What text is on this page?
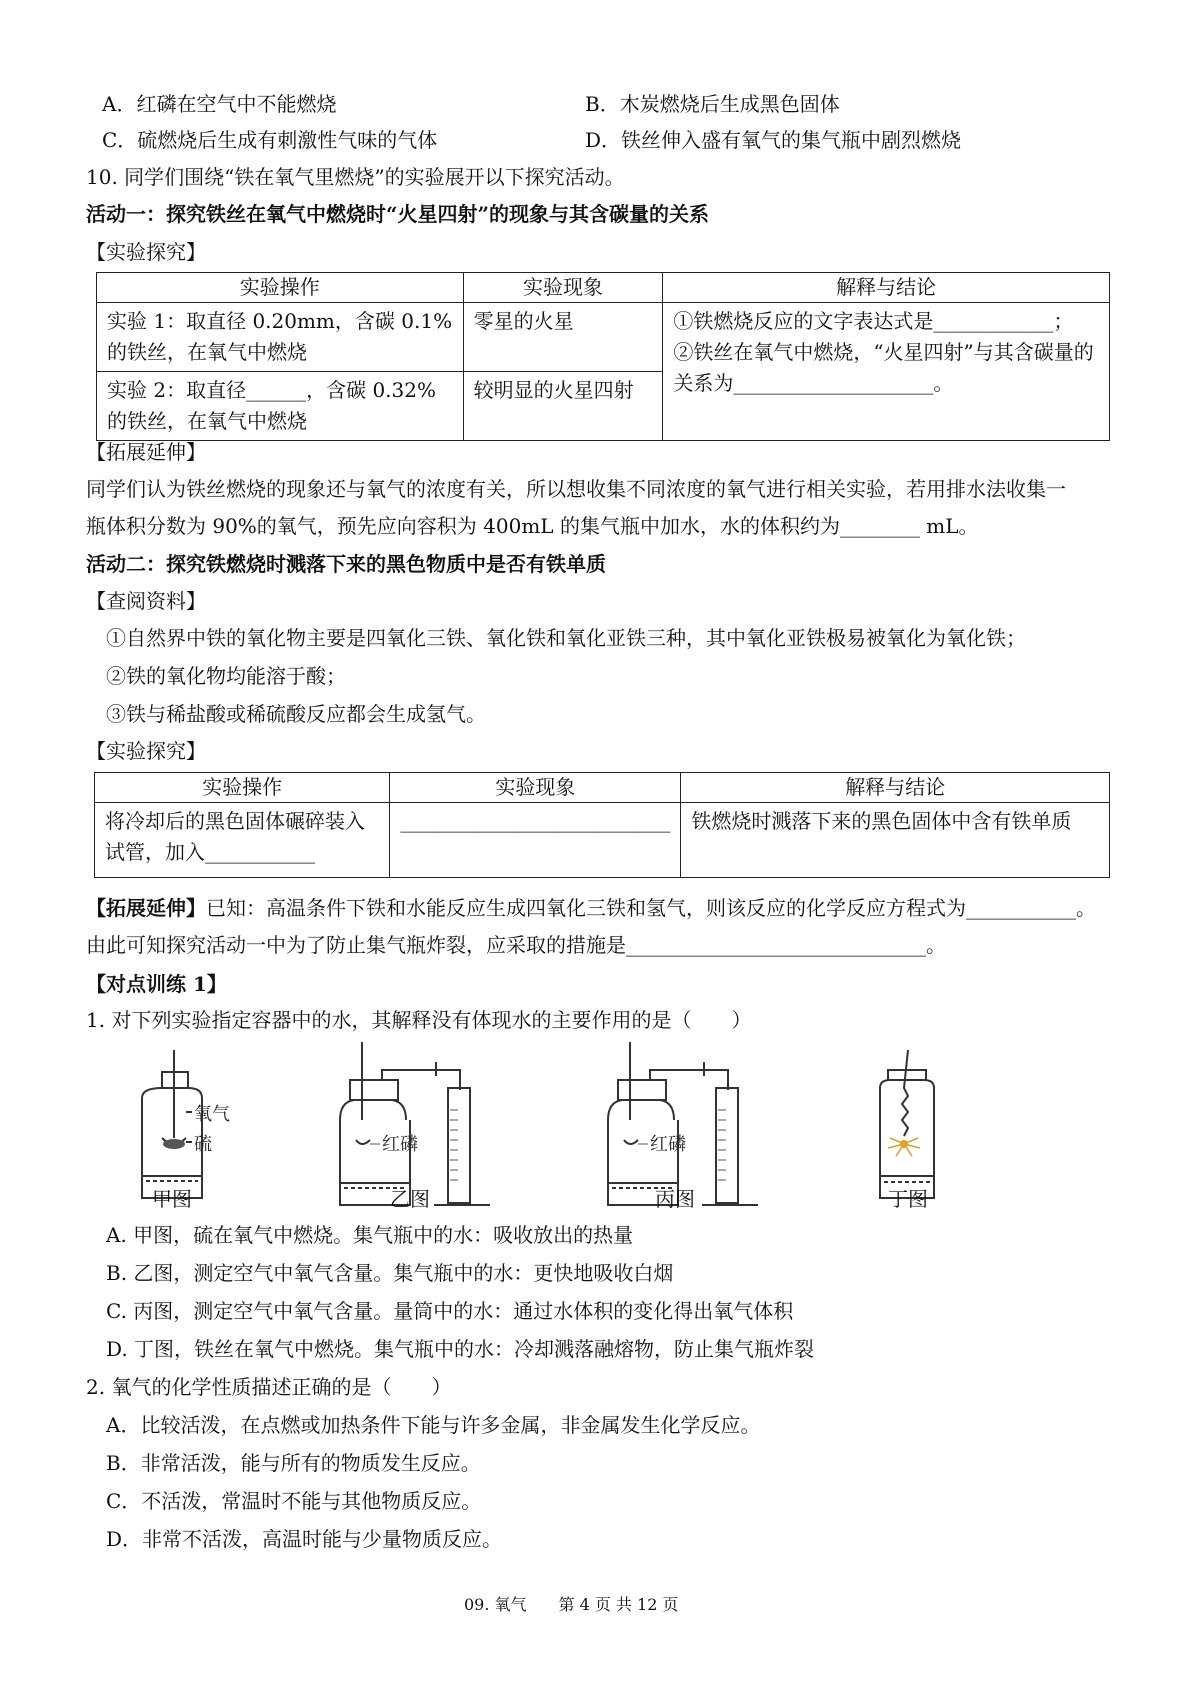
A．红磷在空气中不能燃烧	B．木炭燃烧后生成黑色固体
C．硫燃烧后生成有刺激性气味的气体	D．铁丝伸入盛有氧气的集气瓶中剧烈燃烧
10. 同学们围绕“铁在氧气里燃烧”的实验展开以下探究活动。
活动一：探究铁丝在氧气中燃烧时“火星四射”的现象与其含碳量的关系
【实验探究】
实验操作	实验现象	解释与结论
实验 1：取直径 0.20mm，含碳 0.1%的铁丝，在氧气中燃烧	零星的火星	①铁燃烧反应的文字表达式是____________；
②铁丝在氧气中燃烧，“火星四射”与其含碳量的关系为____________________。

实验 2：取直径______，含碳 0.32%的铁丝，在氧气中燃烧	较明显的火星四射	
【拓展延伸】
同学们认为铁丝燃烧的现象还与氧气的浓度有关，所以想收集不同浓度的氧气进行相关实验，若用排水法收集一
瓶体积分数为 90%的氧气，预先应向容积为 400mL 的集气瓶中加水，水的体积约为________ mL。
活动二：探究铁燃烧时溅落下来的黑色物质中是否有铁单质
【查阅资料】
①自然界中铁的氧化物主要是四氧化三铁、氧化铁和氧化亚铁三种，其中氧化亚铁极易被氧化为氧化铁；
②铁的氧化物均能溶于酸；
③铁与稀盐酸或稀硫酸反应都会生成氢气。
【实验探究】
实验操作	实验现象	解释与结论
将冷却后的黑色固体碾碎装入试管，加入___________	___________________________	铁燃烧时溅落下来的黑色固体中含有铁单质
【拓展延伸】已知：高温条件下铁和水能反应生成四氧化三铁和氢气，则该反应的化学反应方程式为___________。
由此可知探究活动一中为了防止集气瓶炸裂，应采取的措施是______________________________。
【对点训练 1】
1. 对下列实验指定容器中的水，其解释没有体现水的主要作用的是（　　）
氧气
硫	红磷	红磷
甲图	乙图	丙图	丁图
A. 甲图，硫在氧气中燃烧。集气瓶中的水：吸收放出的热量
B. 乙图，测定空气中氧气含量。集气瓶中的水：更快地吸收白烟
C. 丙图，测定空气中氧气含量。量筒中的水：通过水体积的变化得出氧气体积
D. 丁图，铁丝在氧气中燃烧。集气瓶中的水：冷却溅落融熔物，防止集气瓶炸裂
2. 氧气的化学性质描述正确的是（　　）
A．比较活泼，在点燃或加热条件下能与许多金属，非金属发生化学反应。
B．非常活泼，能与所有的物质发生反应。
C．不活泼，常温时不能与其他物质反应。
D．非常不活泼，高温时能与少量物质反应。
09. 氧气　　第 4 页 共 12 页
